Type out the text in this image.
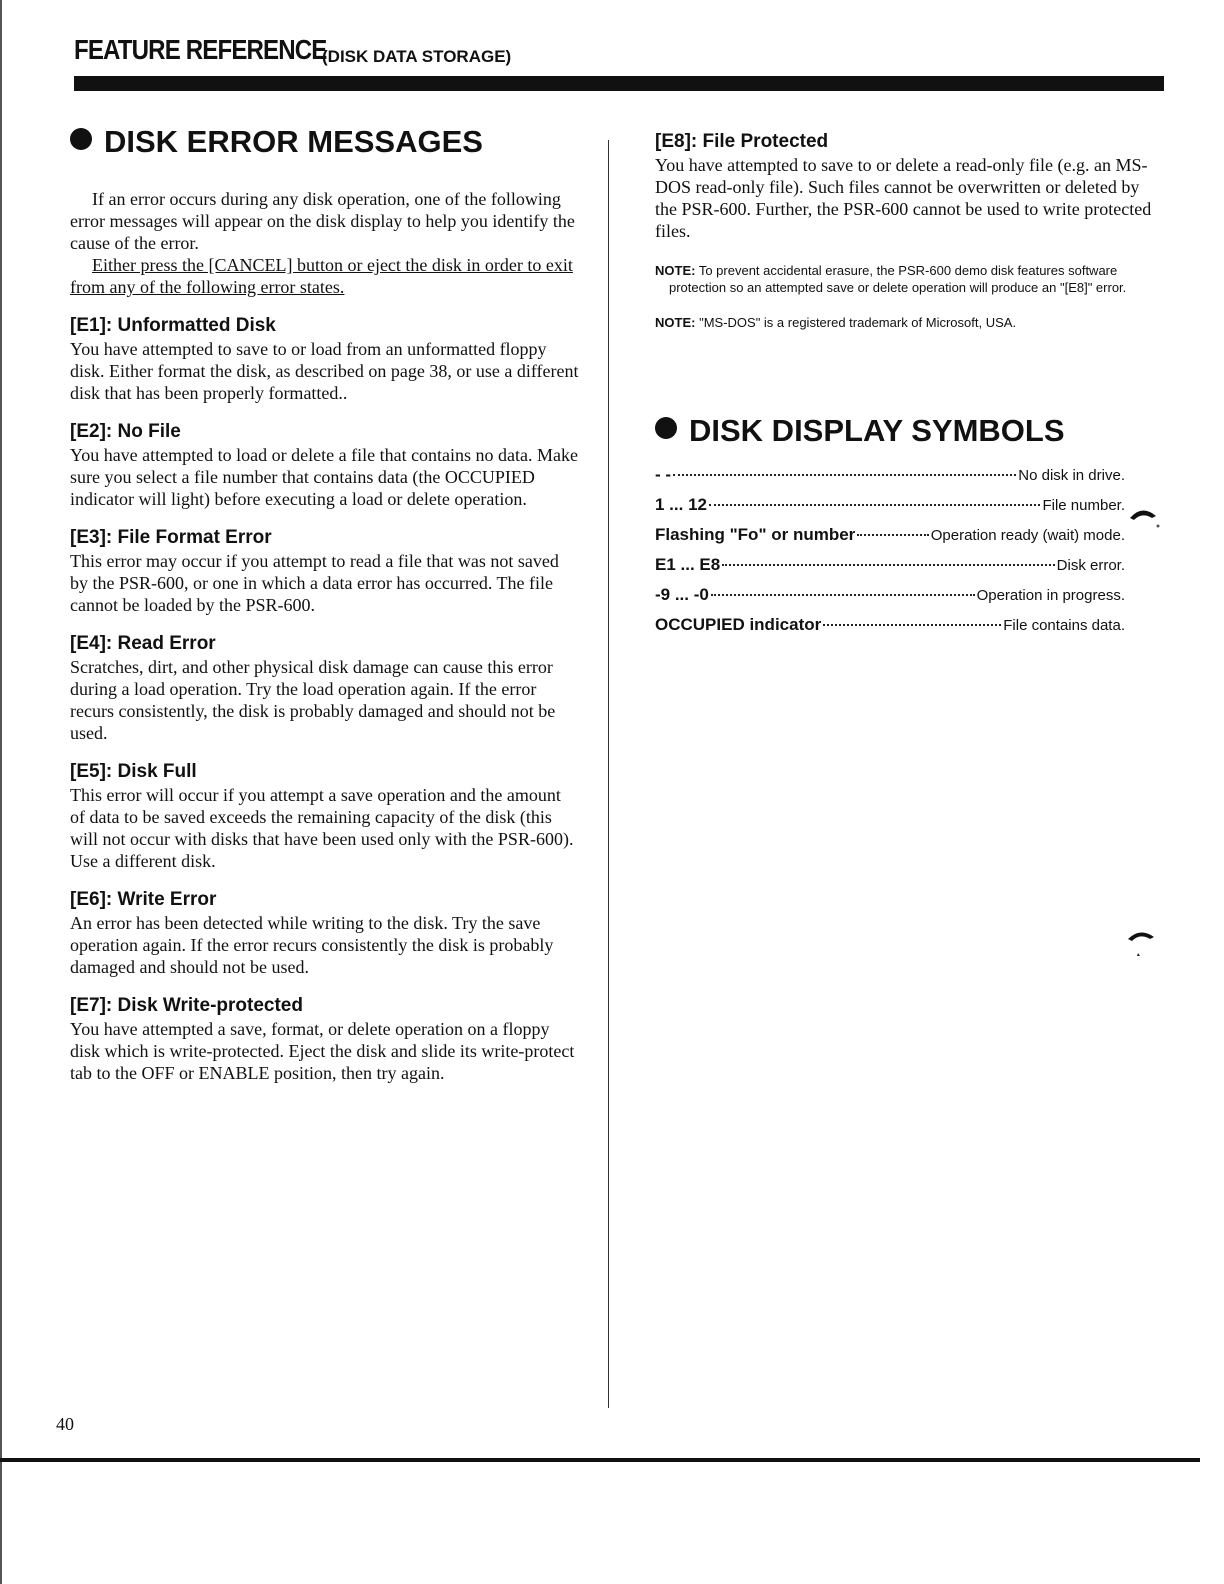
FEATURE REFERENCE
(DISK DATA STORAGE)
DISK ERROR MESSAGES

If an error occurs during any disk operation, one of the following error messages will appear on the disk display to help you identify the cause of the error.

Either press the [CANCEL] button or eject the disk in order to exit from any of the following error states.

[E1]: Unformatted Disk

You have attempted to save to or load from an unformatted floppy disk. Either format the disk, as described on page 38, or use a different disk that has been properly formatted..

[E2]: No File

You have attempted to load or delete a file that contains no data. Make sure you select a file number that contains data (the OCCUPIED indicator will light) before executing a load or delete operation.

[E3]: File Format Error

This error may occur if you attempt to read a file that was not saved by the PSR-600, or one in which a data error has occurred. The file cannot be loaded by the PSR-600.

[E4]: Read Error

Scratches, dirt, and other physical disk damage can cause this error during a load operation. Try the load operation again. If the error recurs consistently, the disk is probably damaged and should not be used.

[E5]: Disk Full

This error will occur if you attempt a save operation and the amount of data to be saved exceeds the remaining capacity of the disk (this will not occur with disks that have been used only with the PSR-600). Use a different disk.

[E6]: Write Error

An error has been detected while writing to the disk. Try the save operation again. If the error recurs consistently the disk is probably damaged and should not be used.

[E7]: Disk Write-protected

You have attempted a save, format, or delete operation on a floppy disk which is write-protected. Eject the disk and slide its write-protect tab to the OFF or ENABLE position, then try again.

[E8]: File Protected

You have attempted to save to or delete a read-only file (e.g. an MS-DOS read-only file). Such files cannot be overwritten or deleted by the PSR-600. Further, the PSR-600 cannot be used to write protected files.

NOTE: To prevent accidental erasure, the PSR-600 demo disk features software protection so an attempted save or delete operation will produce an "[E8]" error.

NOTE: "MS-DOS" is a registered trademark of Microsoft, USA.

DISK DISPLAY SYMBOLS
- -	No disk in drive.
1 ... 12	File number.
Flashing "Fo" or number	Operation ready (wait) mode.
E1 ... E8	Disk error.
-9 ... -0	Operation in progress.
OCCUPIED indicator	File contains data.
40
